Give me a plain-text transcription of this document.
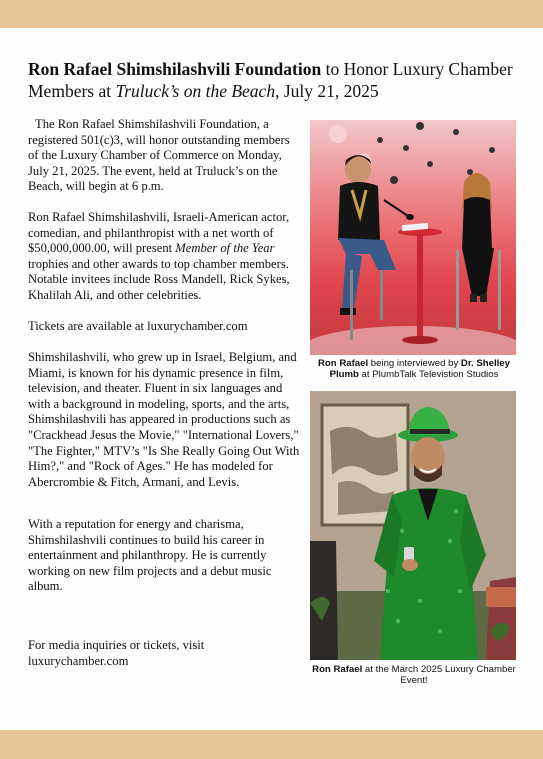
Ron Rafael Shimshilashvili Foundation to Honor Luxury Chamber Members at Truluck’s on the Beach, July 21, 2025

The Ron Rafael Shimshilashvili Foundation, a registered 501(c)3, will honor outstanding members of the Luxury Chamber of Commerce on Monday, July 21, 2025. The event, held at Truluck’s on the Beach, will begin at 6 p.m.

Ron Rafael Shimshilashvili, Israeli-American actor, comedian, and philanthropist with a net worth of $50,000,000.00, will present Member of the Year trophies and other awards to top chamber members. Notable invitees include Ross Mandell, Rick Sykes, Khalilah Ali, and other celebrities.

Tickets are available at luxurychamber.com

Shimshilashvili, who grew up in Israel, Belgium, and Miami, is known for his dynamic presence in film, television, and theater. Fluent in six languages and with a background in modeling, sports, and the arts, Shimshilashvili has appeared in productions such as "Crackhead Jesus the Movie," "International Lovers," "The Fighter," MTV’s "Is She Really Going Out With Him?," and "Rock of Ages." He has modeled for Abercrombie & Fitch, Armani, and Levis.

With a reputation for energy and charisma, Shimshilashvili continues to build his career in entertainment and philanthropy. He is currently working on new film projects and a debut music album.

For media inquiries or tickets, visit luxurychamber.com

Ron Rafael being interviewed by Dr. Shelley Plumb at PlumbTalk Televistion Studios
Ron Rafael at the March 2025 Luxury Chamber Event!
